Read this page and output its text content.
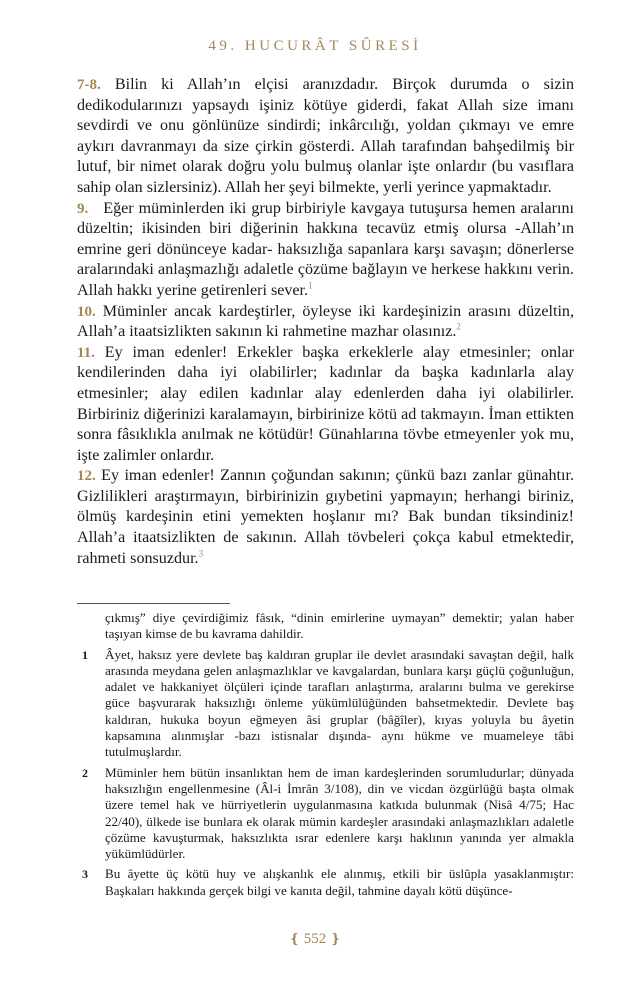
49. HUCURÂT SÛRESİ

7-8. Bilin ki Allah’ın elçisi aranızdadır. Birçok durumda o sizin dedikodularınızı yapsaydı işiniz kötüye giderdi, fakat Allah size imanı sevdirdi ve onu gönlünüze sindirdi; inkârcılığı, yoldan çıkmayı ve emre aykırı davranmayı da size çirkin gösterdi. Allah tarafından bahşedilmiş bir lutuf, bir nimet olarak doğru yolu bulmuş olanlar işte onlardır (bu vasıflara sahip olan sizlersiniz). Allah her şeyi bilmekte, yerli yerince yapmaktadır.

9. Eğer müminlerden iki grup birbiriyle kavgaya tutuşursa hemen aralarını düzeltin; ikisinden biri diğerinin hakkına tecavüz etmiş olursa -Allah’ın emrine geri dönünceye kadar- haksızlığa sapanlara karşı savaşın; dönerlerse aralarındaki anlaşmazlığı adaletle çözüme bağlayın ve herkese hakkını verin. Allah hakkı yerine getirenleri sever.$^1$

10. Müminler ancak kardeştirler, öyleyse iki kardeşinizin arasını düzeltin, Allah’a itaatsizlikten sakının ki rahmetine mazhar olasınız.$^2$

11. Ey iman edenler! Erkekler başka erkeklerle alay etmesinler; onlar kendilerinden daha iyi olabilirler; kadınlar da başka kadınlarla alay etmesinler; alay edilen kadınlar alay edenlerden daha iyi olabilirler. Birbiriniz diğerinizi karalamayın, birbirinize kötü ad takmayın. İman ettikten sonra fâsıklıkla anılmak ne kötüdür! Günahlarına tövbe etmeyenler yok mu, işte zalimler onlardır.

12. Ey iman edenler! Zannın çoğundan sakının; çünkü bazı zanlar günahtır. Gizlilikleri araştırmayın, birbirinizin gıybetini yapmayın; herhangi biriniz, ölmüş kardeşinin etini yemekten hoşlanır mı? Bak bundan tiksindiniz! Allah’a itaatsizlikten de sakının. Allah tövbeleri çokça kabul etmektedir, rahmeti sonsuzdur.$^3$

çıkmış” diye çevirdiğimiz fâsık, “dinin emirlerine uymayan” demektir; yalan haber taşıyan kimse de bu kavrama dahildir.

1 Âyet, haksız yere devlete baş kaldıran gruplar ile devlet arasındaki savaştan değil, halk arasında meydana gelen anlaşmazlıklar ve kavgalardan, bunlara karşı güçlü çoğunluğun, adalet ve hakkaniyet ölçüleri içinde tarafları anlaştırma, aralarını bulma ve gerekirse güce başvurarak haksızlığı önleme yükümlülüğünden bahsetmektedir. Devlete baş kaldıran, hukuka boyun eğmeyen âsi gruplar (bâğîler), kıyas yoluyla bu âyetin kapsamına alınmışlar -bazı istisnalar dışında- aynı hükme ve muameleye tâbi tutulmuşlardır.

2 Müminler hem bütün insanlıktan hem de iman kardeşlerinden sorumludurlar; dünyada haksızlığın engellenmesine (Âl-i İmrân 3/108), din ve vicdan özgürlüğü başta olmak üzere temel hak ve hürriyetlerin uygulanmasına katkıda bulunmak (Nisâ 4/75; Hac 22/40), ülkede ise bunlara ek olarak mümin kardeşler arasındaki anlaşmazlıkları adaletle çözüme kavuşturmak, haksızlıkta ısrar edenlere karşı haklının yanında yer almakla yükümlüdürler.

3 Bu âyette üç kötü huy ve alışkanlık ele alınmış, etkili bir üslûpla yasaklanmıştır: Başkaları hakkında gerçek bilgi ve kanıta değil, tahmine dayalı kötü düşünce-

❴ 552 ❵
